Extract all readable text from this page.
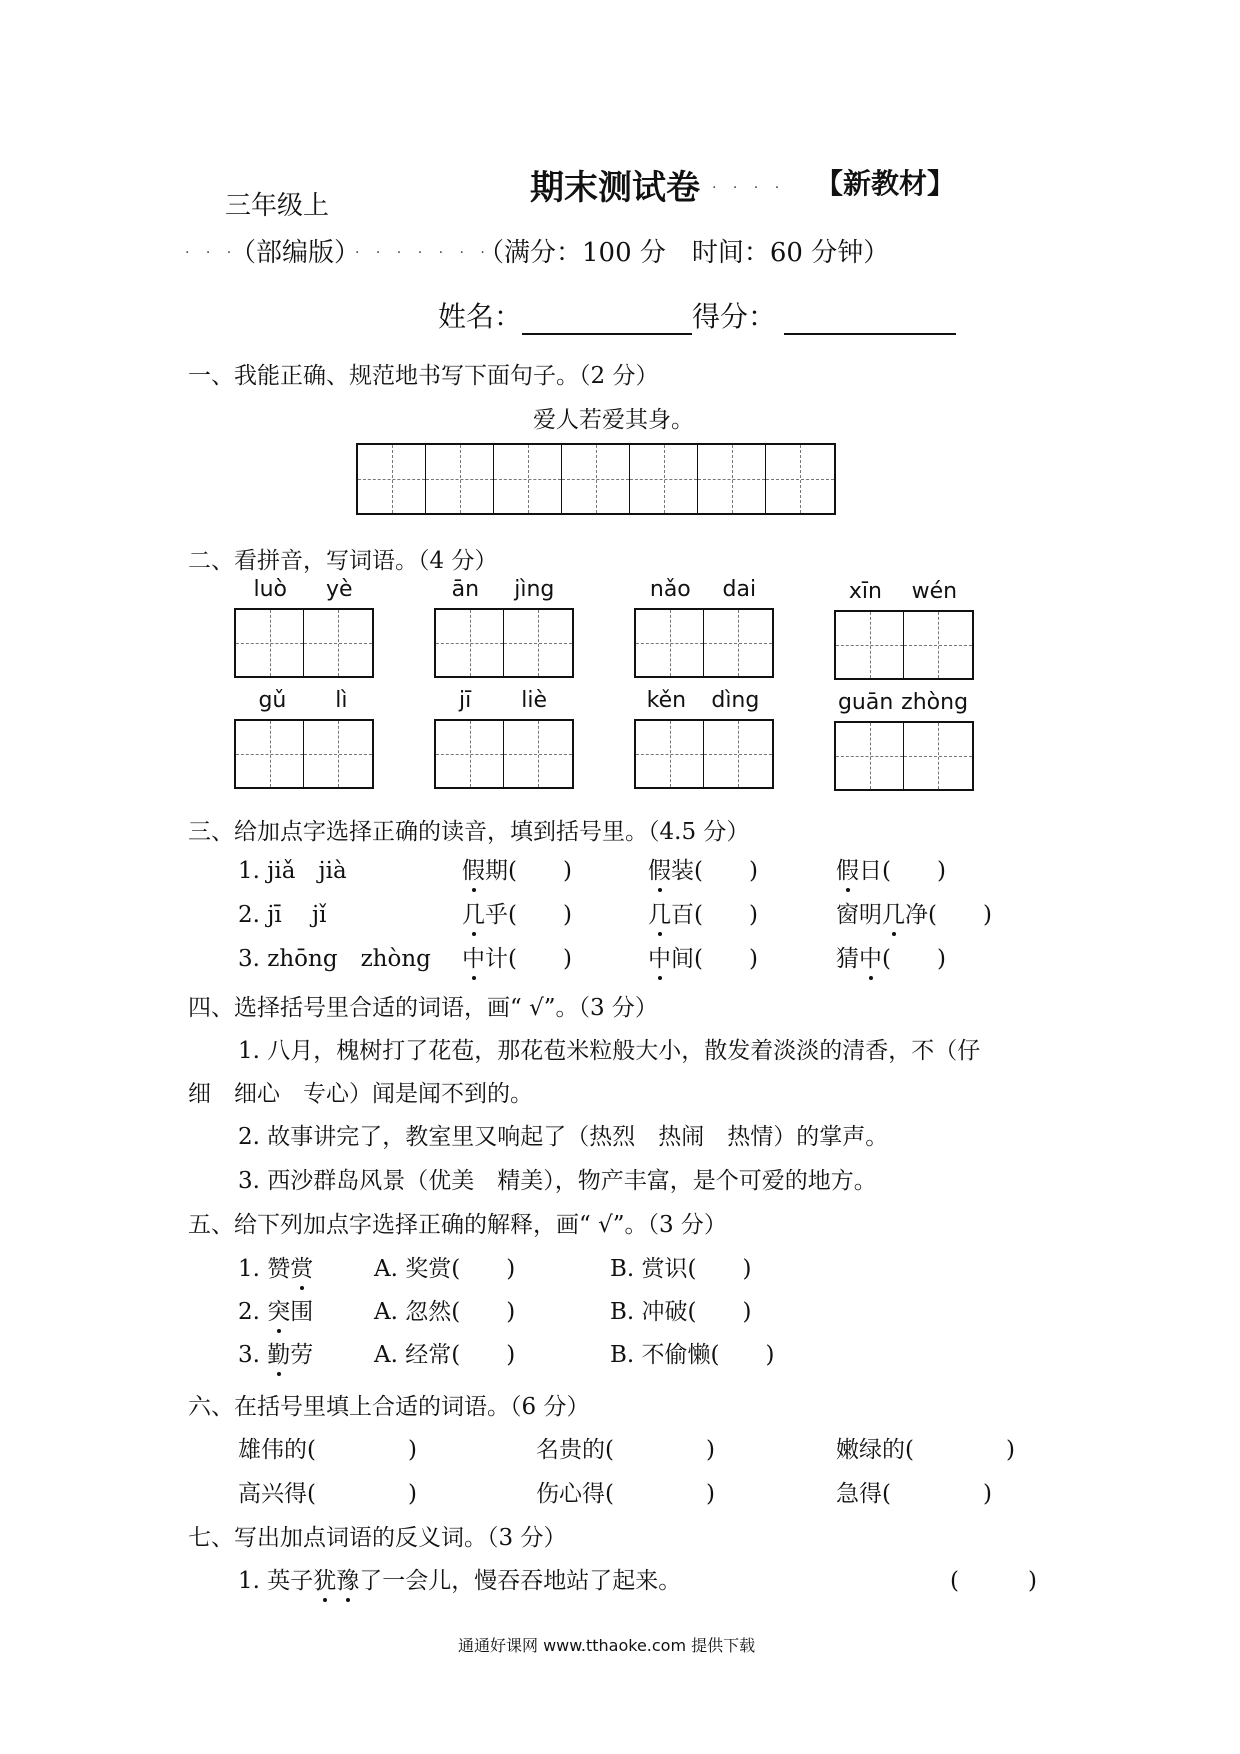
期末测试卷 · · · · 【新教材】
三年级上
· · ·
（部编版）
· · · · · · ·
（满分：100 分　时间：60 分钟）
姓名：	得分：
一、我能正确、规范地书写下面句子。（2 分）
爱人若爱其身。
二、看拼音，写词语。（4 分）
luò yè	ān jìng	nǎo dai	xīn wén
gǔ lì	jī liè	kěn dìng	guān zhòng
三、给加点字选择正确的读音，填到括号里。（4.5 分）
1. jiǎ　jià	假期(　　)	假装(　　)	假日(　　)
2. jī　 jǐ	几乎(　　)	几百(　　)	窗明几净(　　)
3. zhōng　zhòng 中计(　　)	中间(　　)	猜中(　　)
四、选择括号里合适的词语，画“ √”。（3 分）
1. 八月，槐树打了花苞，那花苞米粒般大小，散发着淡淡的清香，不（仔
细　细心　专心）闻是闻不到的。
2. 故事讲完了，教室里又响起了（热烈　热闹　热情）的掌声。
3. 西沙群岛风景（优美　精美），物产丰富，是个可爱的地方。
五、给下列加点字选择正确的解释，画“ √”。（3 分）
1. 赞赏	A. 奖赏(　　)	B. 赏识(　　)
2. 突围	A. 忽然(　　)	B. 冲破(　　)
3. 勤劳	A. 经常(　　)	B. 不偷懒(　　)
六、在括号里填上合适的词语。（6 分）
雄伟的(　　　　)	名贵的(　　　　)	嫩绿的(　　　　)
高兴得(　　　　)	伤心得(　　　　)	急得(　　　　)
七、写出加点词语的反义词。（3 分）
1. 英子犹豫了一会儿，慢吞吞地站了起来。	(　　　)
通通好课网 www.tthaoke.com 提供下载
